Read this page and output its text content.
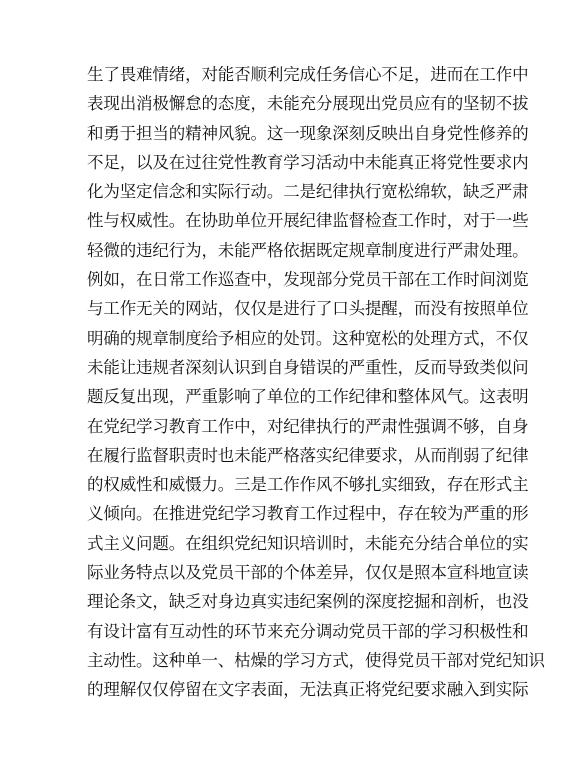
生了畏难情绪，对能否顺利完成任务信心不足，进而在工作中
表现出消极懈怠的态度，未能充分展现出党员应有的坚韧不拔
和勇于担当的精神风貌。这一现象深刻反映出自身党性修养的
不足，以及在过往党性教育学习活动中未能真正将党性要求内
化为坚定信念和实际行动。二是纪律执行宽松绵软，缺乏严肃
性与权威性。在协助单位开展纪律监督检查工作时，对于一些
轻微的违纪行为，未能严格依据既定规章制度进行严肃处理。
例如，在日常工作巡查中，发现部分党员干部在工作时间浏览
与工作无关的网站，仅仅是进行了口头提醒，而没有按照单位
明确的规章制度给予相应的处罚。这种宽松的处理方式，不仅
未能让违规者深刻认识到自身错误的严重性，反而导致类似问
题反复出现，严重影响了单位的工作纪律和整体风气。这表明
在党纪学习教育工作中，对纪律执行的严肃性强调不够，自身
在履行监督职责时也未能严格落实纪律要求，从而削弱了纪律
的权威性和威慑力。三是工作作风不够扎实细致，存在形式主
义倾向。在推进党纪学习教育工作过程中，存在较为严重的形
式主义问题。在组织党纪知识培训时，未能充分结合单位的实
际业务特点以及党员干部的个体差异，仅仅是照本宣科地宣读
理论条文，缺乏对身边真实违纪案例的深度挖掘和剖析，也没
有设计富有互动性的环节来充分调动党员干部的学习积极性和
主动性。这种单一、枯燥的学习方式，使得党员干部对党纪知识
的理解仅仅停留在文字表面，无法真正将党纪要求融入到实际
